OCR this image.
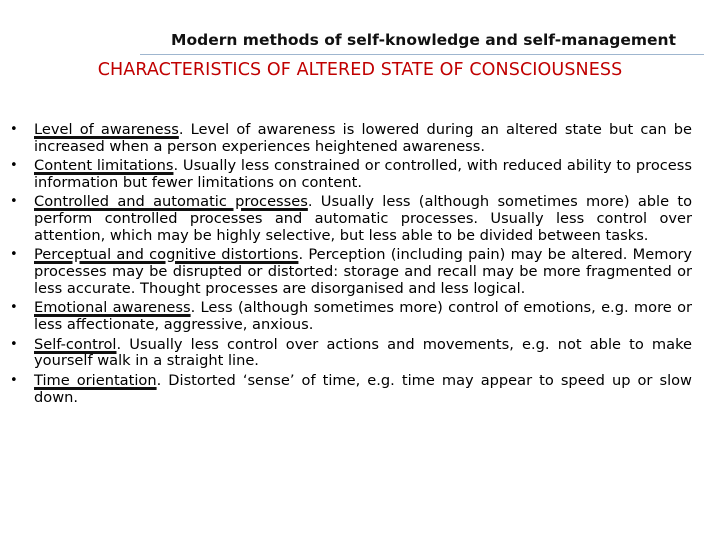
Modern methods of self-knowledge and self-management
CHARACTERISTICS OF ALTERED STATE OF CONSCIOUSNESS
• Level of awareness. Level of awareness is lowered during an altered state but can be increased when a person experiences heightened awareness.
• Content limitations. Usually less constrained or controlled, with reduced ability to process information but fewer limitations on content.
• Controlled and automatic processes. Usually less (although sometimes more) able to perform controlled processes and automatic processes. Usually less control over attention, which may be highly selective, but less able to be divided between tasks.
• Perceptual and cognitive distortions. Perception (including pain) may be altered. Memory processes may be disrupted or distorted: storage and recall may be more fragmented or less accurate. Thought processes are disorganised and less logical.
• Emotional awareness. Less (although sometimes more) control of emotions, e.g. more or less affectionate, aggressive, anxious.
• Self-control. Usually less control over actions and movements, e.g. not able to make yourself walk in a straight line.
• Time orientation. Distorted ‘sense’ of time, e.g. time may appear to speed up or slow down.
